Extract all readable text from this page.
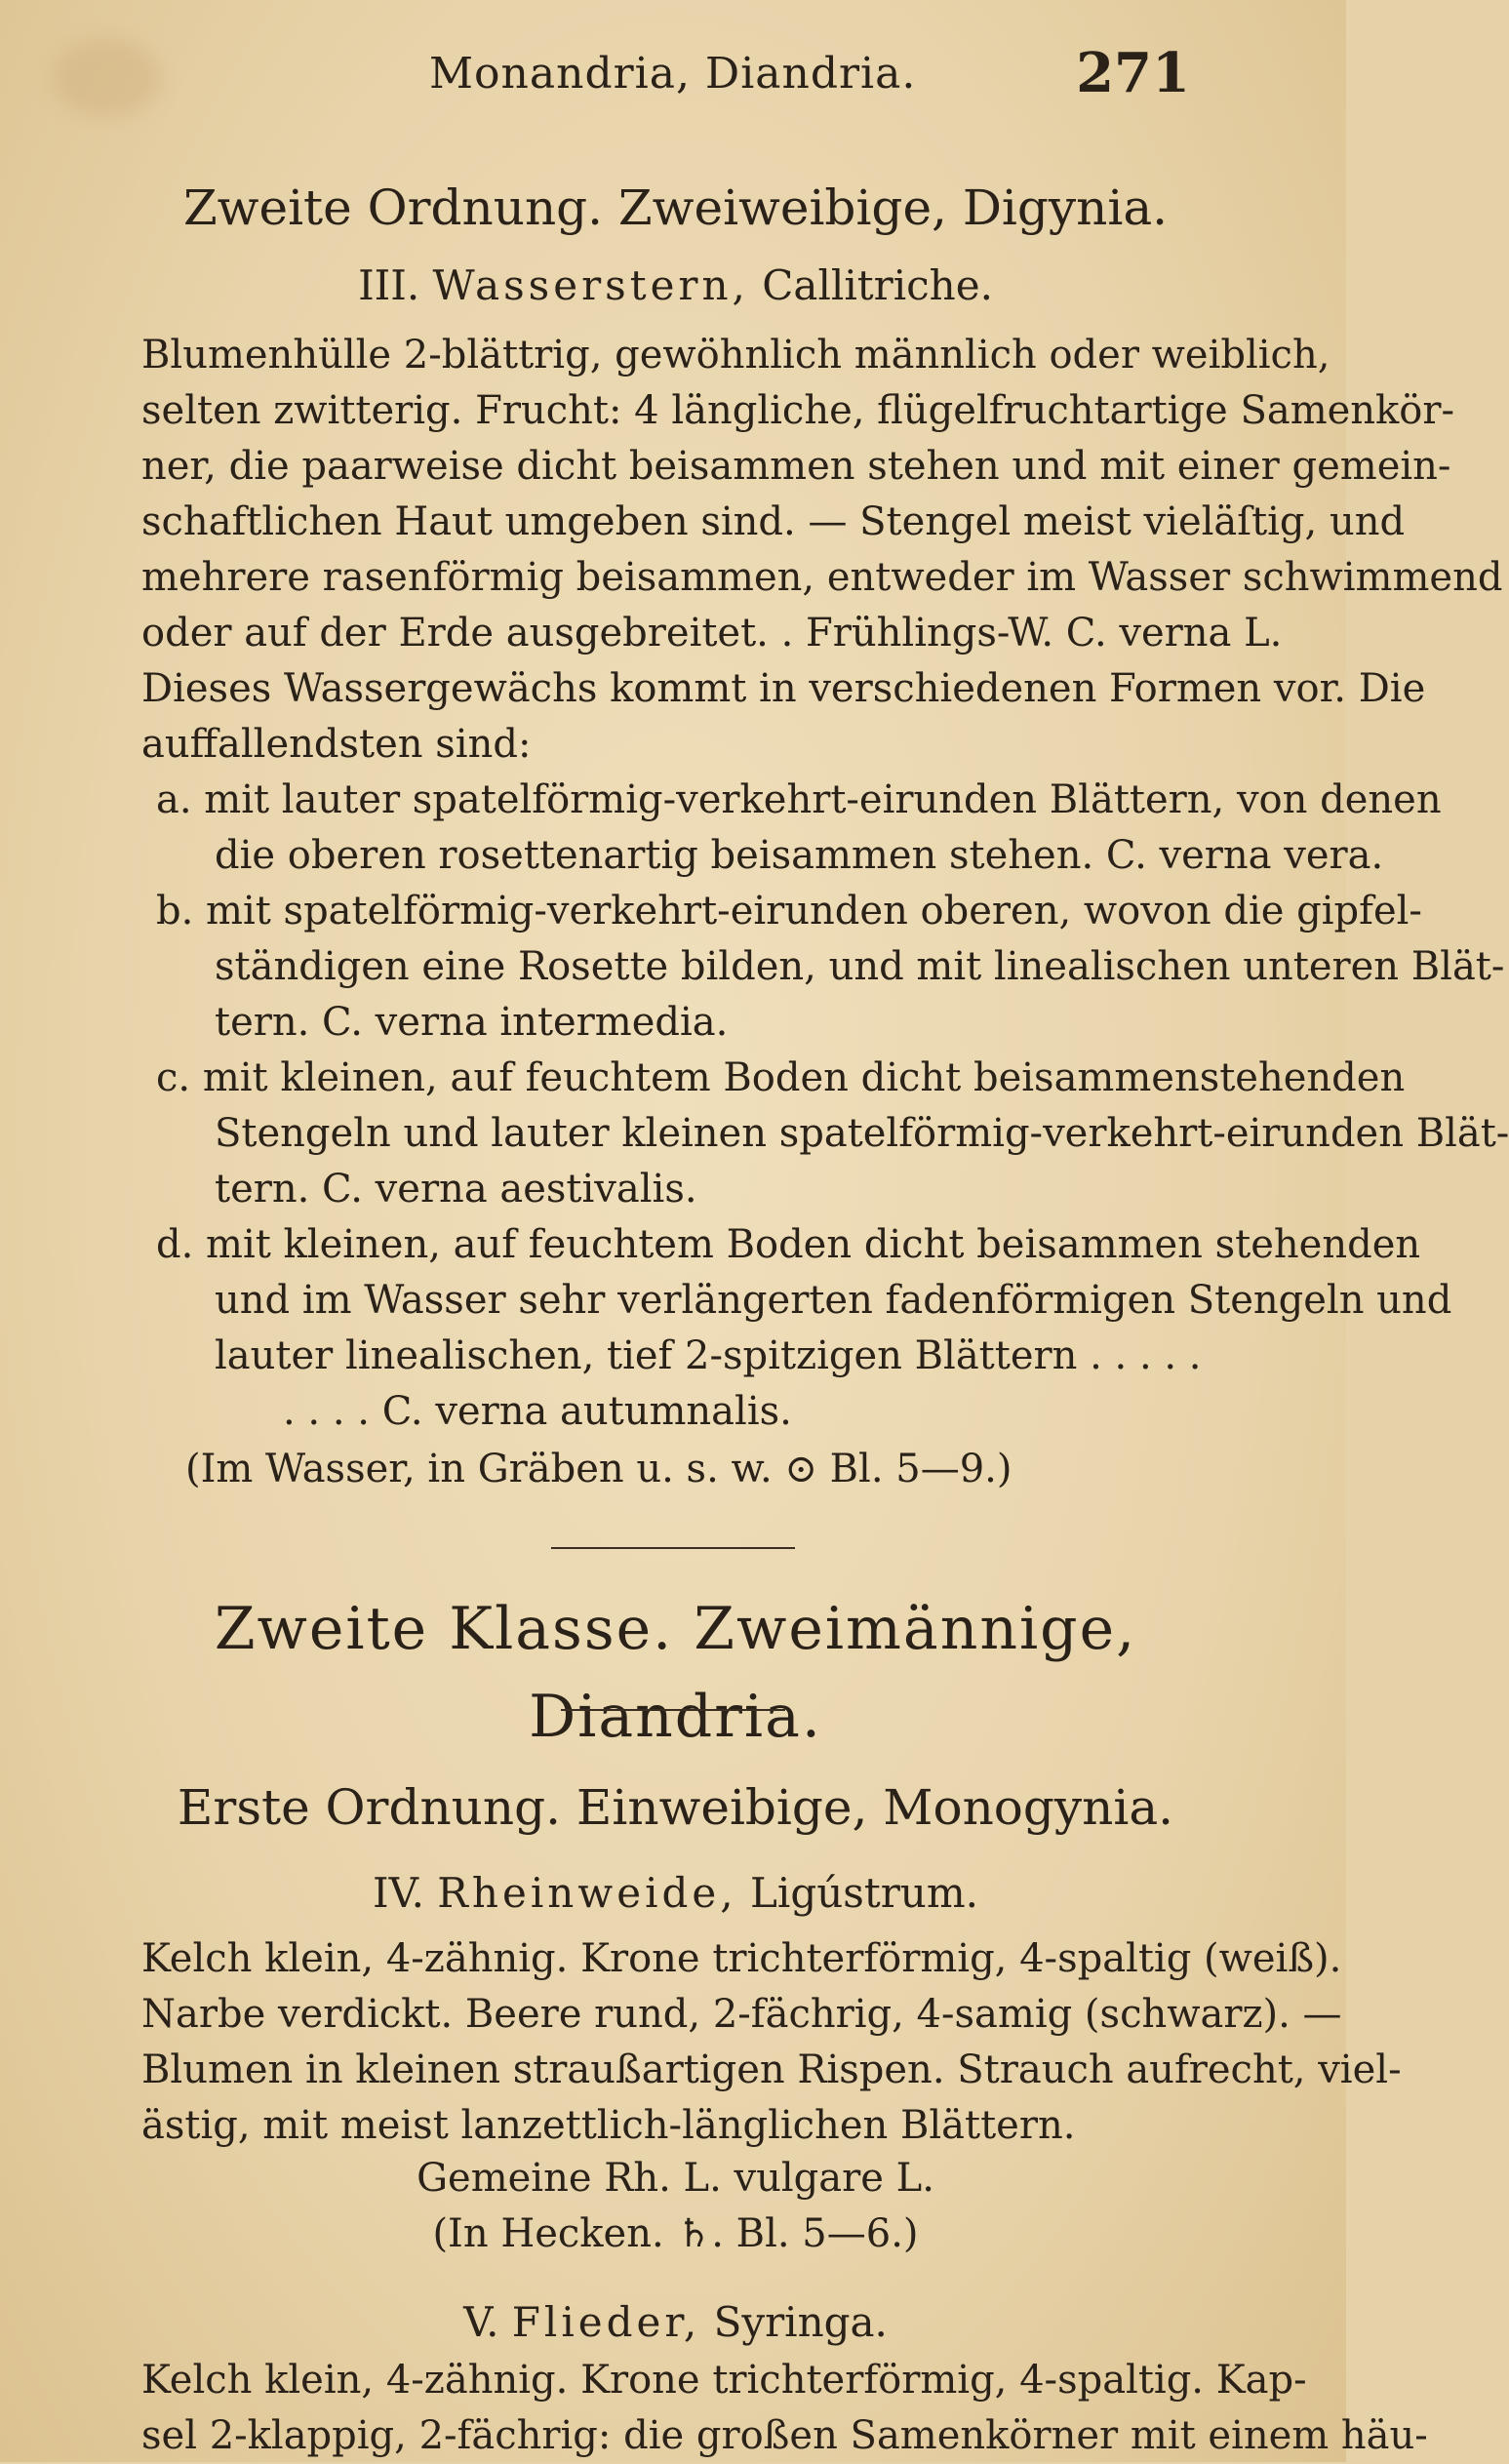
Monandria, Diandria.	271
Zweite Ordnung. Zweiweibige, Digynia.
III. Wasserstern, Callitriche.
Blumenhülle 2-blättrig, gewöhnlich männlich oder weiblich,
selten zwitterig. Frucht: 4 längliche, flügelfruchtartige Samenkör-
ner, die paarweise dicht beisammen stehen und mit einer gemein-
schaftlichen Haut umgeben sind. — Stengel meist vieläſtig, und
mehrere rasenförmig beisammen, entweder im Wasser schwimmend
oder auf der Erde ausgebreitet. . Frühlings-W. C. verna L.
Dieses Wassergewächs kommt in verschiedenen Formen vor. Die
auffallendsten sind:
a. mit lauter spatelförmig-verkehrt-eirunden Blättern, von denen
die oberen rosettenartig beisammen stehen. C. verna vera.
b. mit spatelförmig-verkehrt-eirunden oberen, wovon die gipfel-
ständigen eine Rosette bilden, und mit linealischen unteren Blät-
tern. C. verna intermedia.
c. mit kleinen, auf feuchtem Boden dicht beisammenstehenden
Stengeln und lauter kleinen spatelförmig-verkehrt-eirunden Blät-
tern. C. verna aestivalis.
d. mit kleinen, auf feuchtem Boden dicht beisammen stehenden
und im Wasser sehr verlängerten fadenförmigen Stengeln und
lauter linealischen, tief 2-spitzigen Blättern . . . . .
. . . . C. verna autumnalis.
(Im Wasser, in Gräben u. s. w. ⊙ Bl. 5—9.)
Zweite Klasse. Zweimännige, Diandria.
Erste Ordnung. Einweibige, Monogynia.
IV. Rheinweide, Ligústrum.
Kelch klein, 4-zähnig. Krone trichterförmig, 4-spaltig (weiß).
Narbe verdickt. Beere rund, 2-fächrig, 4-samig (schwarz). —
Blumen in kleinen straußartigen Rispen. Strauch aufrecht, viel-
ästig, mit meist lanzettlich-länglichen Blättern.
Gemeine Rh. L. vulgare L.
(In Hecken. ♄. Bl. 5—6.)
V. Flieder, Syringa.
Kelch klein, 4-zähnig. Krone trichterförmig, 4-spaltig. Kap-
sel 2-klappig, 2-fächrig: die großen Samenkörner mit einem häu-
